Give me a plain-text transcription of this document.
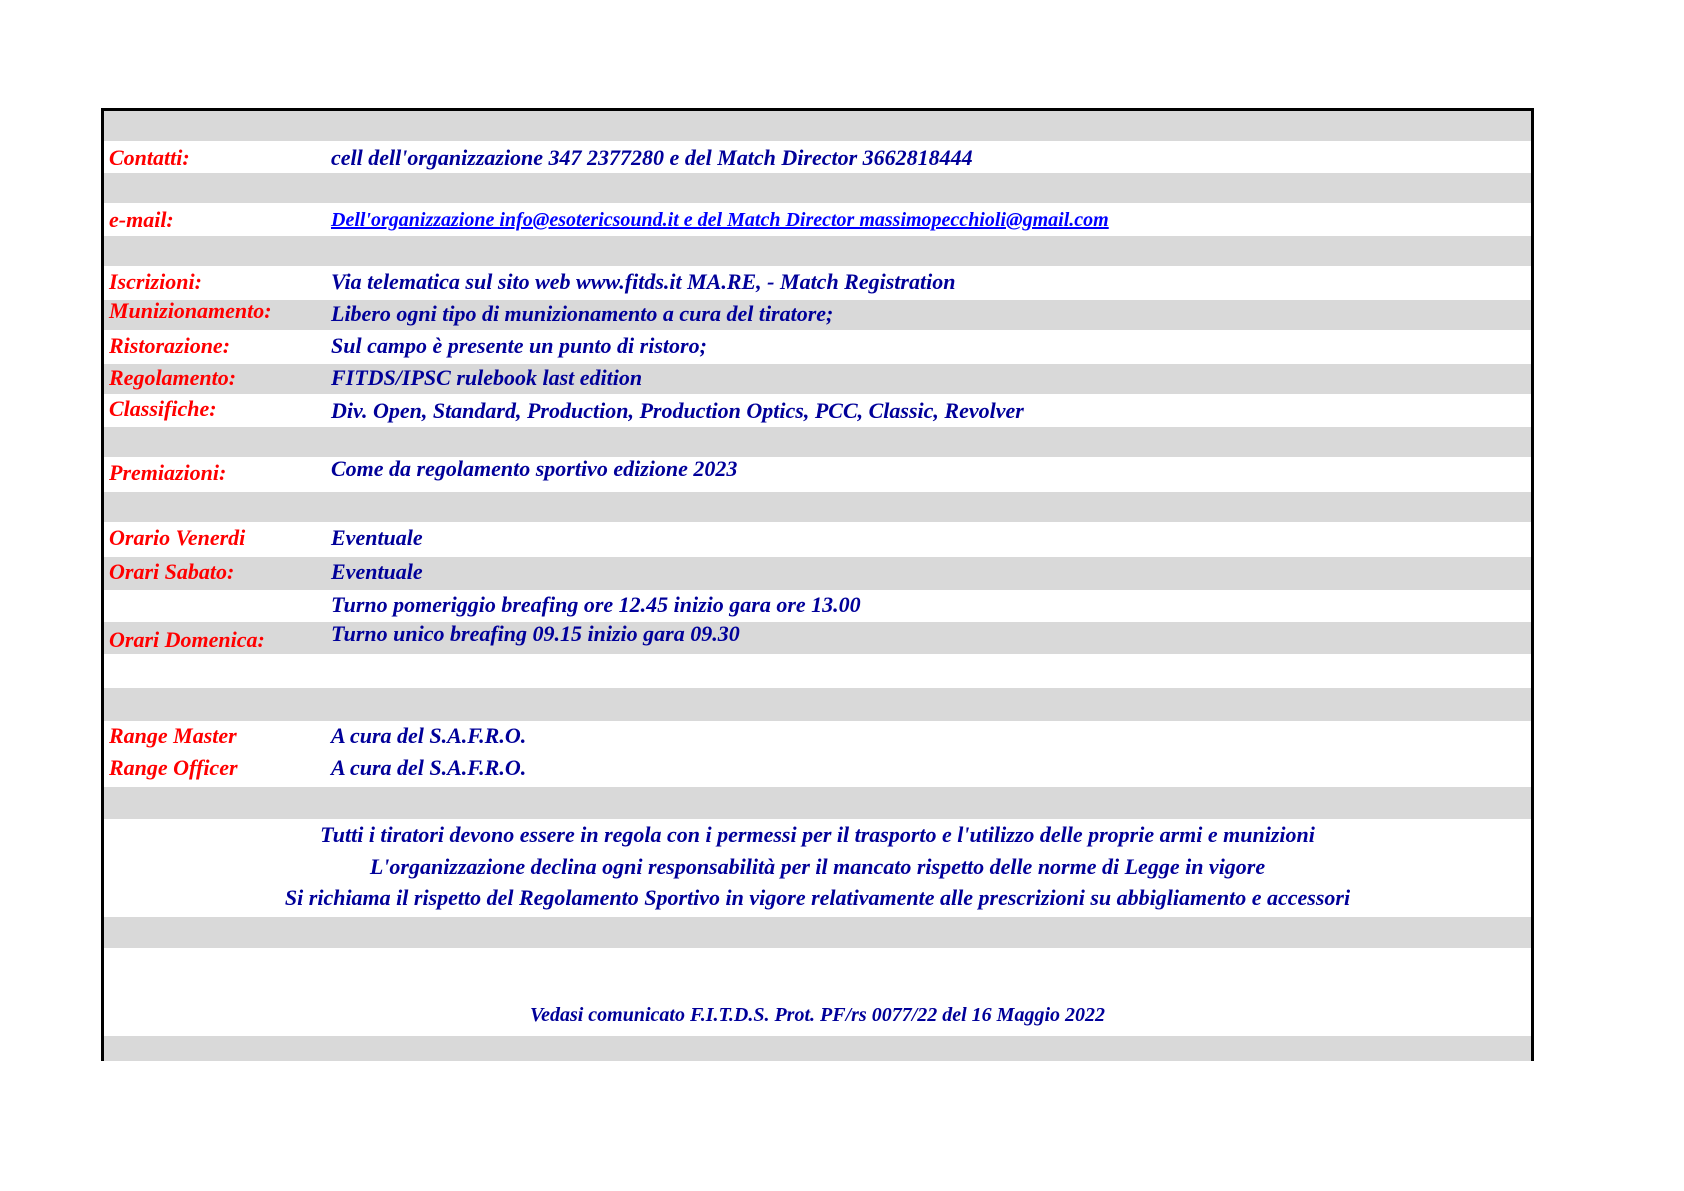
Contatti:	cell dell'organizzazione 347 2377280 e del Match Director 3662818444
e-mail:	Dell'organizzazione info@esotericsound.it e del Match Director massimopecchioli@gmail.com
Iscrizioni:	Via telematica sul sito web www.fitds.it MA.RE, - Match Registration
Munizionamento:	Libero ogni tipo di munizionamento a cura del tiratore;
Ristorazione:	Sul campo è presente un punto di ristoro;
Regolamento:	FITDS/IPSC rulebook last edition
Classifiche:	Div. Open, Standard, Production, Production Optics, PCC, Classic, Revolver
Premiazioni:	Come da regolamento sportivo edizione 2023
Orario Venerdi	Eventuale
Orari Sabato:	Eventuale
Turno pomeriggio breafing ore 12.45 inizio gara ore 13.00
Orari Domenica:	Turno unico breafing 09.15 inizio gara 09.30
Range Master	A cura del S.A.F.R.O.
Range Officer	A cura del S.A.F.R.O.
Tutti i tiratori devono essere in regola con i permessi per il trasporto e l'utilizzo delle proprie armi e munizioni
L'organizzazione declina ogni responsabilità per il mancato rispetto delle norme di Legge in vigore
Si richiama il rispetto del Regolamento Sportivo in vigore relativamente alle prescrizioni su abbigliamento e accessori
Vedasi comunicato F.I.T.D.S. Prot. PF/rs 0077/22 del 16 Maggio 2022
